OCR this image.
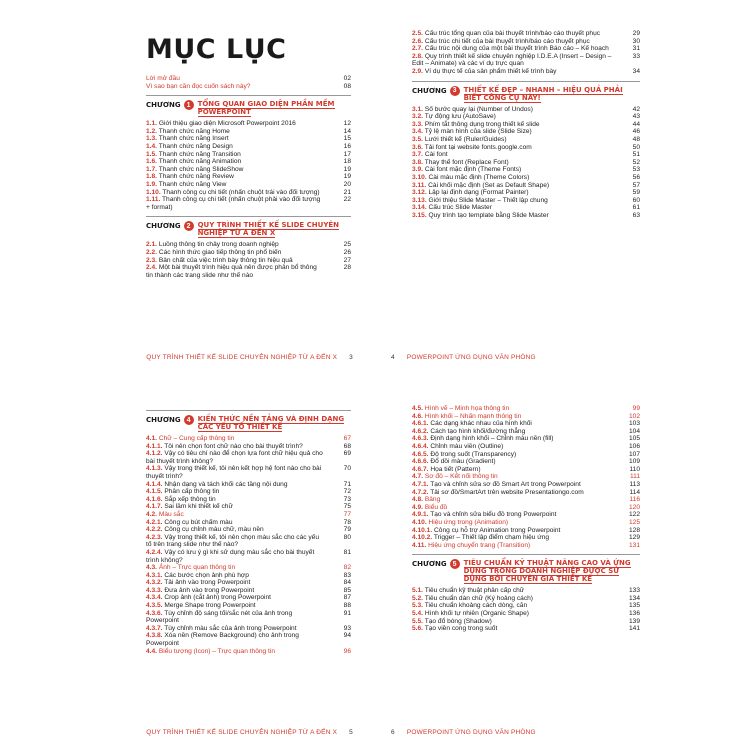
MỤC LỤC
Lời mở đầu	02
Vì sao bạn cần đọc cuốn sách này?	08
CHƯƠNG 1	TỔNG QUAN GIAO DIỆN PHẦN MỀM POWERPOINT
1.1. Giới thiệu giao diện Microsoft Powerpoint 2016	12
1.2. Thanh chức năng Home	14
1.3. Thanh chức năng Insert	15
1.4. Thanh chức năng Design	16
1.5. Thanh chức năng Transition	17
1.6. Thanh chức năng Animation	18
1.7. Thanh chức năng SlideShow	19
1.8. Thanh chức năng Review	19
1.9. Thanh chức năng View	20
1.10. Thanh công cụ chi tiết (nhấn chuột trái vào đối tượng)	21
1.11. Thanh công cụ chi tiết (nhấn chuột phải vào đối tượng + format)
22
CHƯƠNG 2	QUY TRÌNH THIẾT KẾ SLIDE CHUYÊN NGHIỆP TỪ A ĐẾN X
2.1. Luồng thông tin chảy trong doanh nghiệp	25
2.2. Các hình thức giao tiếp thông tin phổ biến	26
2.3. Bản chất của việc trình bày thông tin hiệu quả	27
2.4. Một bài thuyết trình hiệu quả nên được phân bổ thông tin thành các trang slide như thế nào
28
QUY TRÌNH THIẾT KẾ SLIDE CHUYÊN NGHIỆP TỪ A ĐẾN X 3
2.5. Cấu trúc tổng quan của bài thuyết trình/báo cáo thuyết phục	29
2.6. Cấu trúc chi tiết của bài thuyết trình/báo cáo thuyết phục	30
2.7. Cấu trúc nội dung của một bài thuyết trình Báo cáo – Kế hoạch	31
2.8. Quy trình thiết kế slide chuyên nghiệp I.D.E.A (Insert – Design – Edit – Animate) và các ví dụ trực quan
33
2.9. Ví dụ thực tế của sản phẩm thiết kế trình bày	34
CHƯƠNG 3	THIẾT KẾ ĐẸP – NHANH – HIỆU QUẢ PHẢI BIẾT CÔNG CỤ NÀY!
3.1. Số bước quay lại (Number of Undos)	42
3.2. Tự động lưu (AutoSave)	43
3.3. Phím tắt thông dụng trong thiết kế slide	44
3.4. Tỷ lệ màn hình của slide (Slide Size)	46
3.5. Lưới thiết kế (Ruler/Guides)	48
3.6. Tải font tại website fonts.google.com	50
3.7. Cài font	51
3.8. Thay thế font (Replace Font)	52
3.9. Cài font mặc định (Theme Fonts)	53
3.10. Cài màu mặc định (Theme Colors)	56
3.11. Cài khối mặc định (Set as Default Shape)	57
3.12. Lập lại định dạng (Format Painter)	59
3.13. Giới thiệu Slide Master – Thiết lập chung	60
3.14. Cấu trúc Slide Master	61
3.15. Quy trình tạo template bằng Slide Master	63
4 POWERPOINT ỨNG DỤNG VĂN PHÒNG
CHƯƠNG 4	KIẾN THỨC NỀN TẢNG VÀ ĐỊNH DẠNG CÁC YẾU TỐ THIẾT KẾ
4.1. Chữ – Cung cấp thông tin	67
4.1.1. Tôi nên chọn font chữ nào cho bài thuyết trình?	68
4.1.2. Vậy có tiêu chí nào để chọn lựa font chữ hiệu quả cho bài thuyết trình không?
69
4.1.3. Vậy trong thiết kế, tôi nên kết hợp hệ font nào cho bài thuyết trình?
70
4.1.4. Nhận dạng và tách khối các tầng nội dung	71
4.1.5. Phân cấp thông tin	72
4.1.6. Sắp xếp thông tin	73
4.1.7. Sai lầm khi thiết kế chữ	75
4.2. Màu sắc	77
4.2.1. Công cụ bút chấm màu	78
4.2.2. Công cụ chỉnh màu chữ, màu nền	79
4.2.3. Vậy trong thiết kế, tôi nên chọn màu sắc cho các yếu tố trên trang slide như thế nào?
80
4.2.4. Vậy có lưu ý gì khi sử dụng màu sắc cho bài thuyết trình không?
81
4.3. Ảnh – Trực quan thông tin	82
4.3.1. Các bước chọn ảnh phù hợp	83
4.3.2. Tải ảnh vào trong Powerpoint	84
4.3.3. Đưa ảnh vào trong Powerpoint	85
4.3.4. Crop ảnh (cắt ảnh) trong Powerpoint	87
4.3.5. Merge Shape trong Powerpoint	88
4.3.6. Tùy chỉnh độ sáng tối/sắc nét của ảnh trong Powerpoint
91
4.3.7. Tùy chỉnh màu sắc của ảnh trong Powerpoint	93
4.3.8. Xóa nền (Remove Background) cho ảnh trong Powerpoint
94
4.4. Biểu tượng (Icon) – Trực quan thông tin	96
QUY TRÌNH THIẾT KẾ SLIDE CHUYÊN NGHIỆP TỪ A ĐẾN X 5
4.5. Hình vẽ – Minh họa thông tin	99
4.6. Hình khối – Nhấn mạnh thông tin	102
4.6.1. Các dạng khác nhau của hình khối	103
4.6.2. Cách tạo hình khối/đường thẳng	104
4.6.3. Định dạng hình khối – Chỉnh màu nền (fill)	105
4.6.4. Chỉnh màu viền (Outline)	106
4.6.5. Độ trong suốt (Transparency)	107
4.6.6. Đổ dồi màu (Gradient)	109
4.6.7. Họa tiết (Pattern)	110
4.7. Sơ đồ – Kết nối thông tin	111
4.7.1. Tạo và chỉnh sửa sơ đồ Smart Art trong Powerpoint	113
4.7.2. Tải sơ đồ/SmartArt trên website Presentationgo.com	114
4.8. Bảng	116
4.9. Biểu đồ	120
4.9.1. Tạo và chỉnh sửa biểu đồ trong Powerpoint	122
4.10. Hiệu ứng trong (Animation)	125
4.10.1. Công cụ hỗ trợ Animation trong Powerpoint	128
4.10.2. Trigger – Thiết lập điểm chạm hiệu ứng	129
4.11. Hiệu ứng chuyển trang (Transition)	131
CHƯƠNG 5	TIÊU CHUẨN KỸ THUẬT NÂNG CAO VÀ ỨNG DỤNG TRONG DOANH NGHIỆP ĐƯỢC SỬ DỤNG BỞI CHUYÊN GIA THIẾT KẾ
5.1. Tiêu chuẩn kỹ thuật phân cấp chữ	133
5.2. Tiêu chuẩn dàn chữ (Ký hoảng cách)	134
5.3. Tiêu chuẩn khoảng cách dòng, căn	135
5.4. Hình khối tự nhiên (Organic Shape)	136
5.5. Tạo đổ bóng (Shadow)	139
5.6. Tạo viền cong trong suốt	141
6 POWERPOINT ỨNG DỤNG VĂN PHÒNG
